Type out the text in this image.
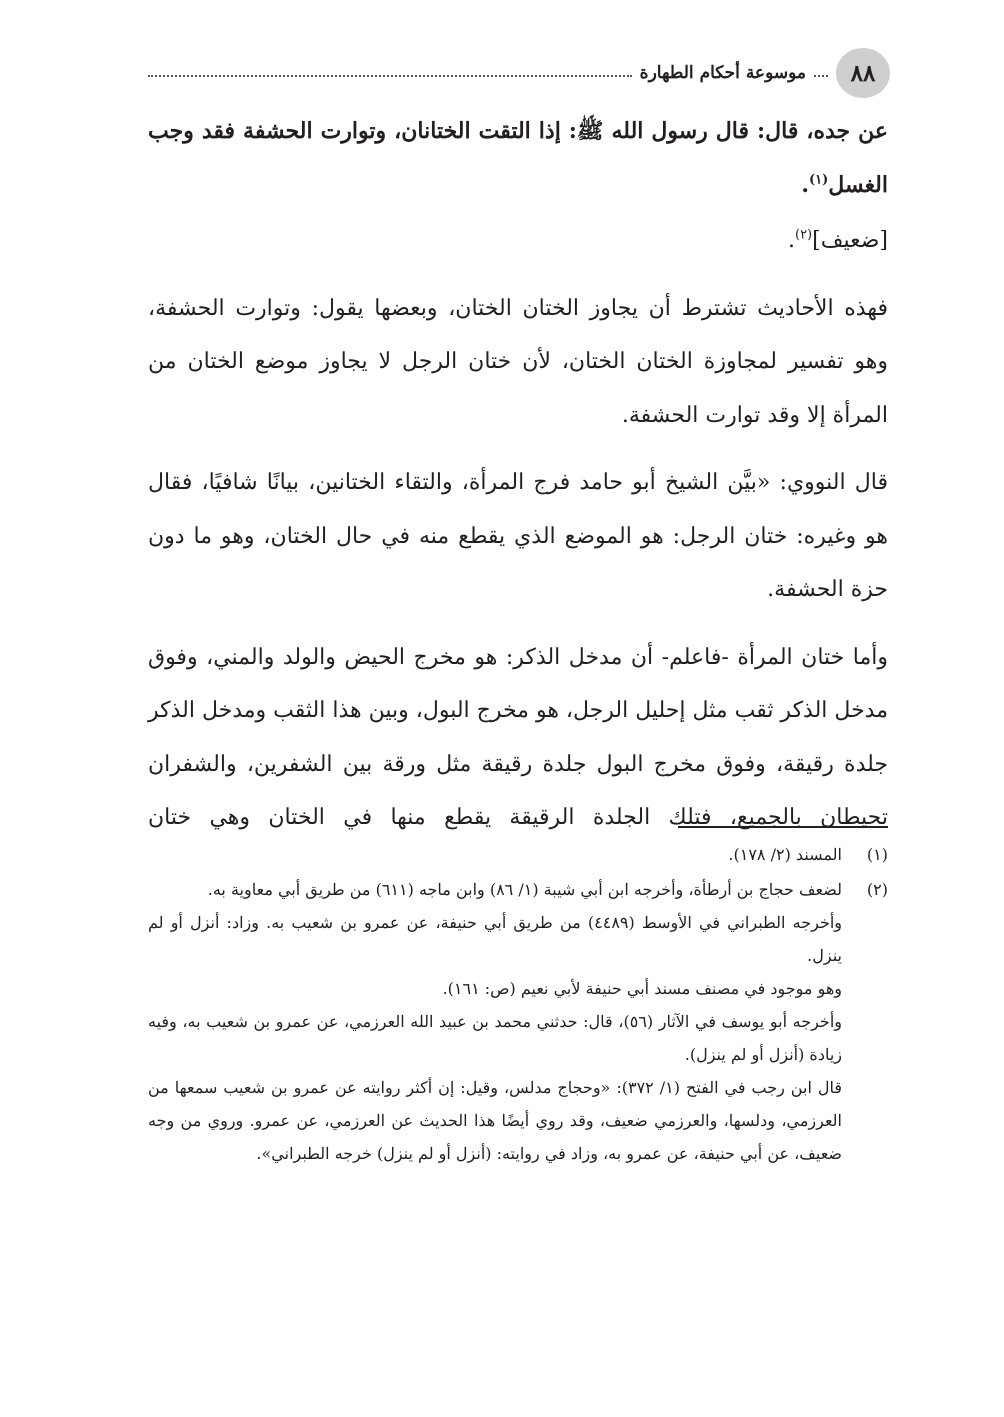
٨٨
موسوعة أحكام الطهارة

عن جده، قال: قال رسول الله ﷺ: إذا التقت الختانان، وتوارت الحشفة فقد وجب الغسل$^{(١)}$.

[ضعيف]$^{(٢)}$.

فهذه الأحاديث تشترط أن يجاوز الختان الختان، وبعضها يقول: وتوارت الحشفة، وهو تفسير لمجاوزة الختان الختان، لأن ختان الرجل لا يجاوز موضع الختان من المرأة إلا وقد توارت الحشفة.

قال النووي: «بيَّن الشيخ أبو حامد فرج المرأة، والتقاء الختانين، بيانًا شافيًا، فقال هو وغيره: ختان الرجل: هو الموضع الذي يقطع منه في حال الختان، وهو ما دون حزة الحشفة.

وأما ختان المرأة -فاعلم- أن مدخل الذكر: هو مخرج الحيض والولد والمني، وفوق مدخل الذكر ثقب مثل إحليل الرجل، هو مخرج البول، وبين هذا الثقب ومدخل الذكر جلدة رقيقة، وفوق مخرج البول جلدة رقيقة مثل ورقة بين الشفرين، والشفران تحيطان بالجميع، فتلك الجلدة الرقيقة يقطع منها في الختان وهي ختان

(١)

المسند (٢/ ١٧٨).

(٢)

لضعف حجاج بن أرطأة، وأخرجه ابن أبي شيبة (١/ ٨٦) وابن ماجه (٦١١) من طريق أبي معاوية به.

وأخرجه الطبراني في الأوسط (٤٤٨٩) من طريق أبي حنيفة، عن عمرو بن شعيب به. وزاد: أنزل أو لم ينزل.

وهو موجود في مصنف مسند أبي حنيفة لأبي نعيم (ص: ١٦١).

وأخرجه أبو يوسف في الآثار (٥٦)، قال: حدثني محمد بن عبيد الله العرزمي، عن عمرو بن شعيب به، وفيه زيادة (أنزل أو لم ينزل).

قال ابن رجب في الفتح (١/ ٣٧٢): «وحجاج مدلس، وقيل: إن أكثر روايته عن عمرو بن شعيب سمعها من العرزمي، ودلسها، والعرزمي ضعيف، وقد روي أيضًا هذا الحديث عن العرزمي، عن عمرو. وروي من وجه ضعيف، عن أبي حنيفة، عن عمرو به، وزاد في روايته: (أنزل أو لم ينزل) خرجه الطبراني».
